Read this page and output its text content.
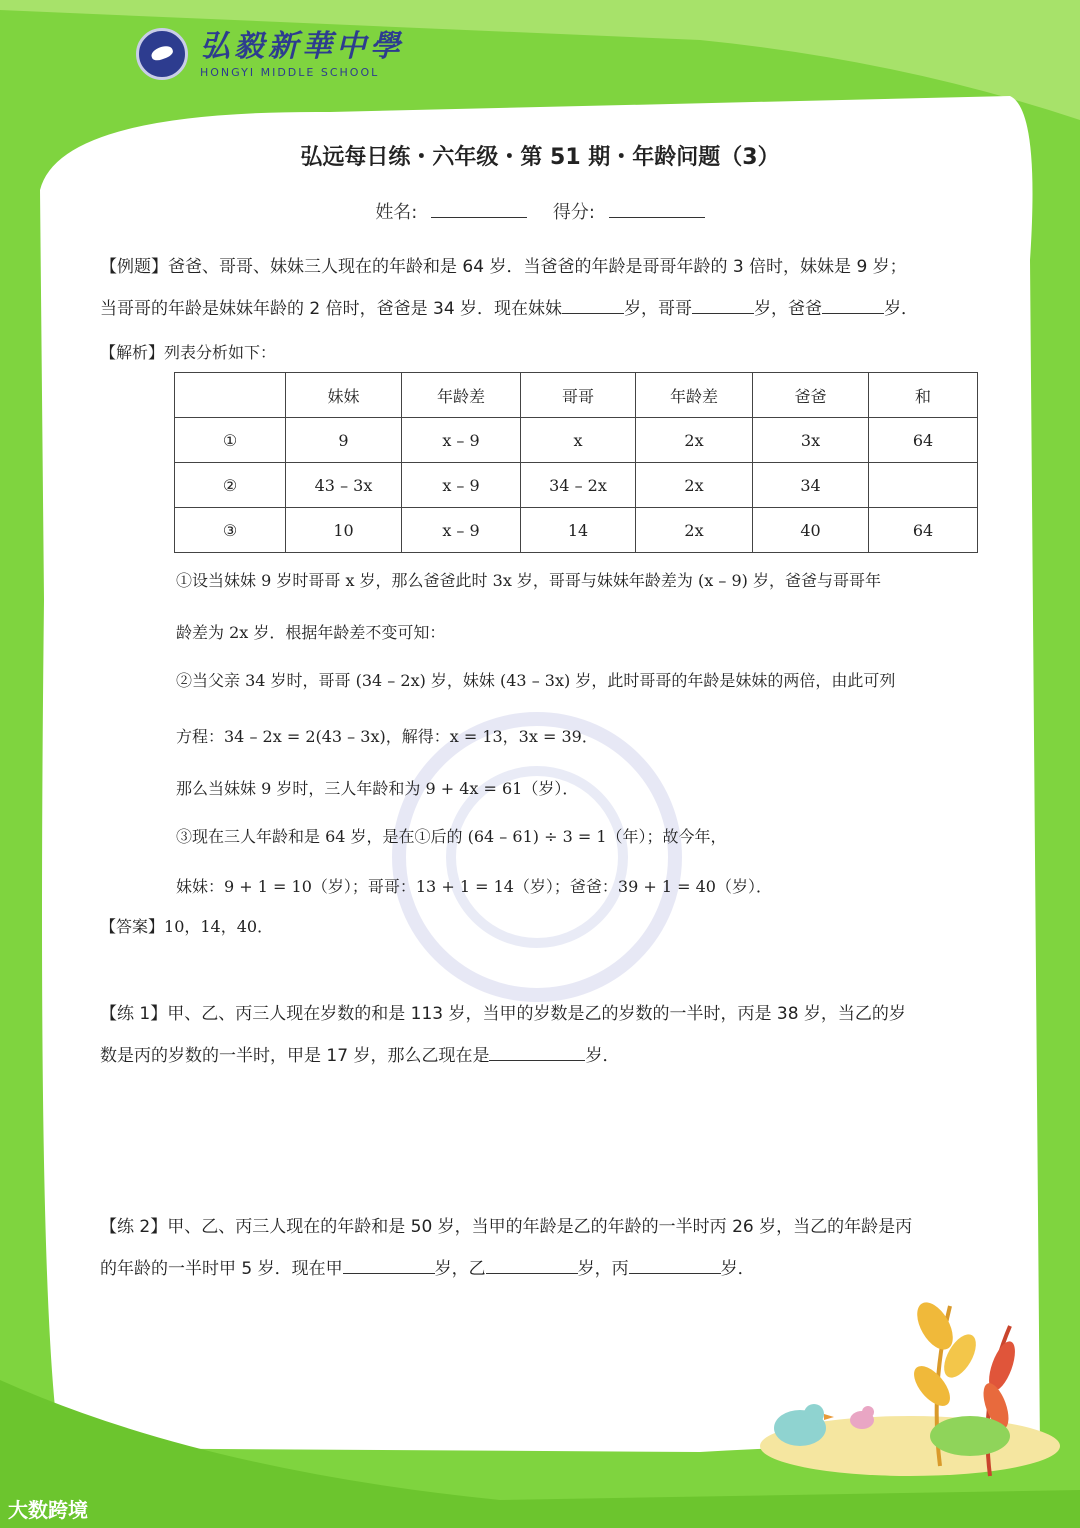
弘毅新華中學
HONGYI MIDDLE SCHOOL
弘远每日练・六年级・第 51 期・年龄问题（3）
姓名:	得分:
【例题】爸爸、哥哥、妹妹三人现在的年龄和是 64 岁．当爸爸的年龄是哥哥年龄的 3 倍时，妹妹是 9 岁；
当哥哥的年龄是妹妹年龄的 2 倍时，爸爸是 34 岁．现在妹妹	岁，哥哥	岁，爸爸	岁．
【解析】列表分析如下：
	妹妹	年龄差	哥哥	年龄差	爸爸	和
①	9	x – 9	x	2x	3x	64
②	43 – 3x	x – 9	34 – 2x	2x	34	
③	10	x – 9	14	2x	40	64
①设当妹妹 9 岁时哥哥 x 岁，那么爸爸此时 3x 岁，哥哥与妹妹年龄差为 (x – 9) 岁，爸爸与哥哥年
龄差为 2x 岁．根据年龄差不变可知：
②当父亲 34 岁时，哥哥 (34 – 2x) 岁，妹妹 (43 – 3x) 岁，此时哥哥的年龄是妹妹的两倍，由此可列
方程：34 – 2x = 2(43 – 3x)，解得：x = 13，3x = 39．
那么当妹妹 9 岁时，三人年龄和为 9 + 4x = 61（岁）．
③现在三人年龄和是 64 岁，是在①后的 (64 – 61) ÷ 3 = 1（年）；故今年，
妹妹：9 + 1 = 10（岁）；哥哥：13 + 1 = 14（岁）；爸爸：39 + 1 = 40（岁）．
【答案】10，14，40．
【练 1】甲、乙、丙三人现在岁数的和是 113 岁，当甲的岁数是乙的岁数的一半时，丙是 38 岁，当乙的岁
数是丙的岁数的一半时，甲是 17 岁，那么乙现在是	岁．
【练 2】甲、乙、丙三人现在的年龄和是 50 岁，当甲的年龄是乙的年龄的一半时丙 26 岁，当乙的年龄是丙
的年龄的一半时甲 5 岁．现在甲	岁，乙	岁，丙	岁．
大数跨境
